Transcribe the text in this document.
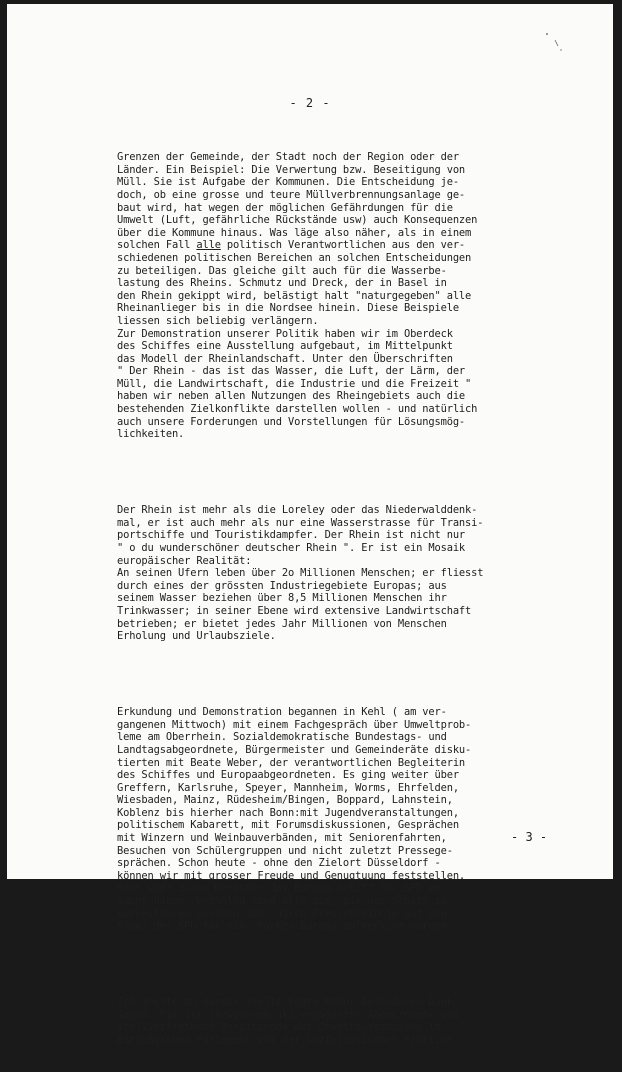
- 2 -

Grenzen der Gemeinde, der Stadt noch der Region oder der
Länder. Ein Beispiel: Die Verwertung bzw. Beseitigung von
Müll. Sie ist Aufgabe der Kommunen. Die Entscheidung je-
doch, ob eine grosse und teure Müllverbrennungsanlage ge-
baut wird, hat wegen der möglichen Gefährdungen für die
Umwelt (Luft, gefährliche Rückstände usw) auch Konsequenzen
über die Kommune hinaus. Was läge also näher, als in einem
solchen Fall alle politisch Verantwortlichen aus den ver-
schiedenen politischen Bereichen an solchen Entscheidungen
zu beteiligen. Das gleiche gilt auch für die Wasserbe-
lastung des Rheins. Schmutz und Dreck, der in Basel in
den Rhein gekippt wird, belästigt halt "naturgegeben" alle
Rheinanlieger bis in die Nordsee hinein. Diese Beispiele
liessen sich beliebig verlängern.
Zur Demonstration unserer Politik haben wir im Oberdeck
des Schiffes eine Ausstellung aufgebaut, im Mittelpunkt
das Modell der Rheinlandschaft. Unter den Überschriften
" Der Rhein - das ist das Wasser, die Luft, der Lärm, der
Müll, die Landwirtschaft, die Industrie und die Freizeit "
haben wir neben allen Nutzungen des Rheingebiets auch die
bestehenden Zielkonflikte darstellen wollen - und natürlich
auch unsere Forderungen und Vorstellungen für Lösungsmög-
lichkeiten.

Der Rhein ist mehr als die Loreley oder das Niederwalddenk-
mal, er ist auch mehr als nur eine Wasserstrasse für Transi-
portschiffe und Touristikdampfer. Der Rhein ist nicht nur
" o du wunderschöner deutscher Rhein ". Er ist ein Mosaik
europäischer Realität:
An seinen Ufern leben über 2o Millionen Menschen; er fliesst
durch eines der grössten Industriegebiete Europas; aus
seinem Wasser beziehen über 8,5 Millionen Menschen ihr
Trinkwasser; in seiner Ebene wird extensive Landwirtschaft
betrieben; er bietet jedes Jahr Millionen von Menschen
Erholung und Urlaubsziele.

Erkundung und Demonstration begannen in Kehl ( am ver-
gangenen Mittwoch) mit einem Fachgespräch über Umweltprob-
leme am Oberrhein. Sozialdemokratische Bundestags- und
Landtagsabgeordnete, Bürgermeister und Gemeinderäte disku-
tierten mit Beate Weber, der verantwortlichen Begleiterin
des Schiffes und Europaabgeordneten. Es ging weiter über
Greffern, Karlsruhe, Speyer, Mannheim, Worms, Ehrfelden,
Wiesbaden, Mainz, Rüdesheim/Bingen, Boppard, Lahnstein,
Koblenz bis hierher nach Bonn:mit Jugendveranstaltungen,
politischem Kabarett, mit Forumsdiskussionen, Gesprächen
mit Winzern und Weinbauverbänden, mit Seniorenfahrten,
Besuchen von Schülergruppen und nicht zuletzt Pressege-
sprächen. Schon heute - ohne den Zielort Düsseldorf -
können wir mit grosser Freude und Genugtuung feststellen,
dass über 3.ooo Menschen das Europa-Schiff der SPD be-
sucht haben. Unzählig sind alle die, die das Schiff im
Vorbeifahren gesehen oder durch Presseberichte auf den
Kampf der SPD für ein starkes Europa aufmerksam wurden.

Ich möchte an dieser Stelle Beate Weber besonderen Dank
sagen. Sie ist inzwischen als engagierte Abgeordnete und
stellvertretende Vorsitzende des Umweltausschusses im
Europäischen Parlament und der Sozialistischen Fraktion

- 3 -
